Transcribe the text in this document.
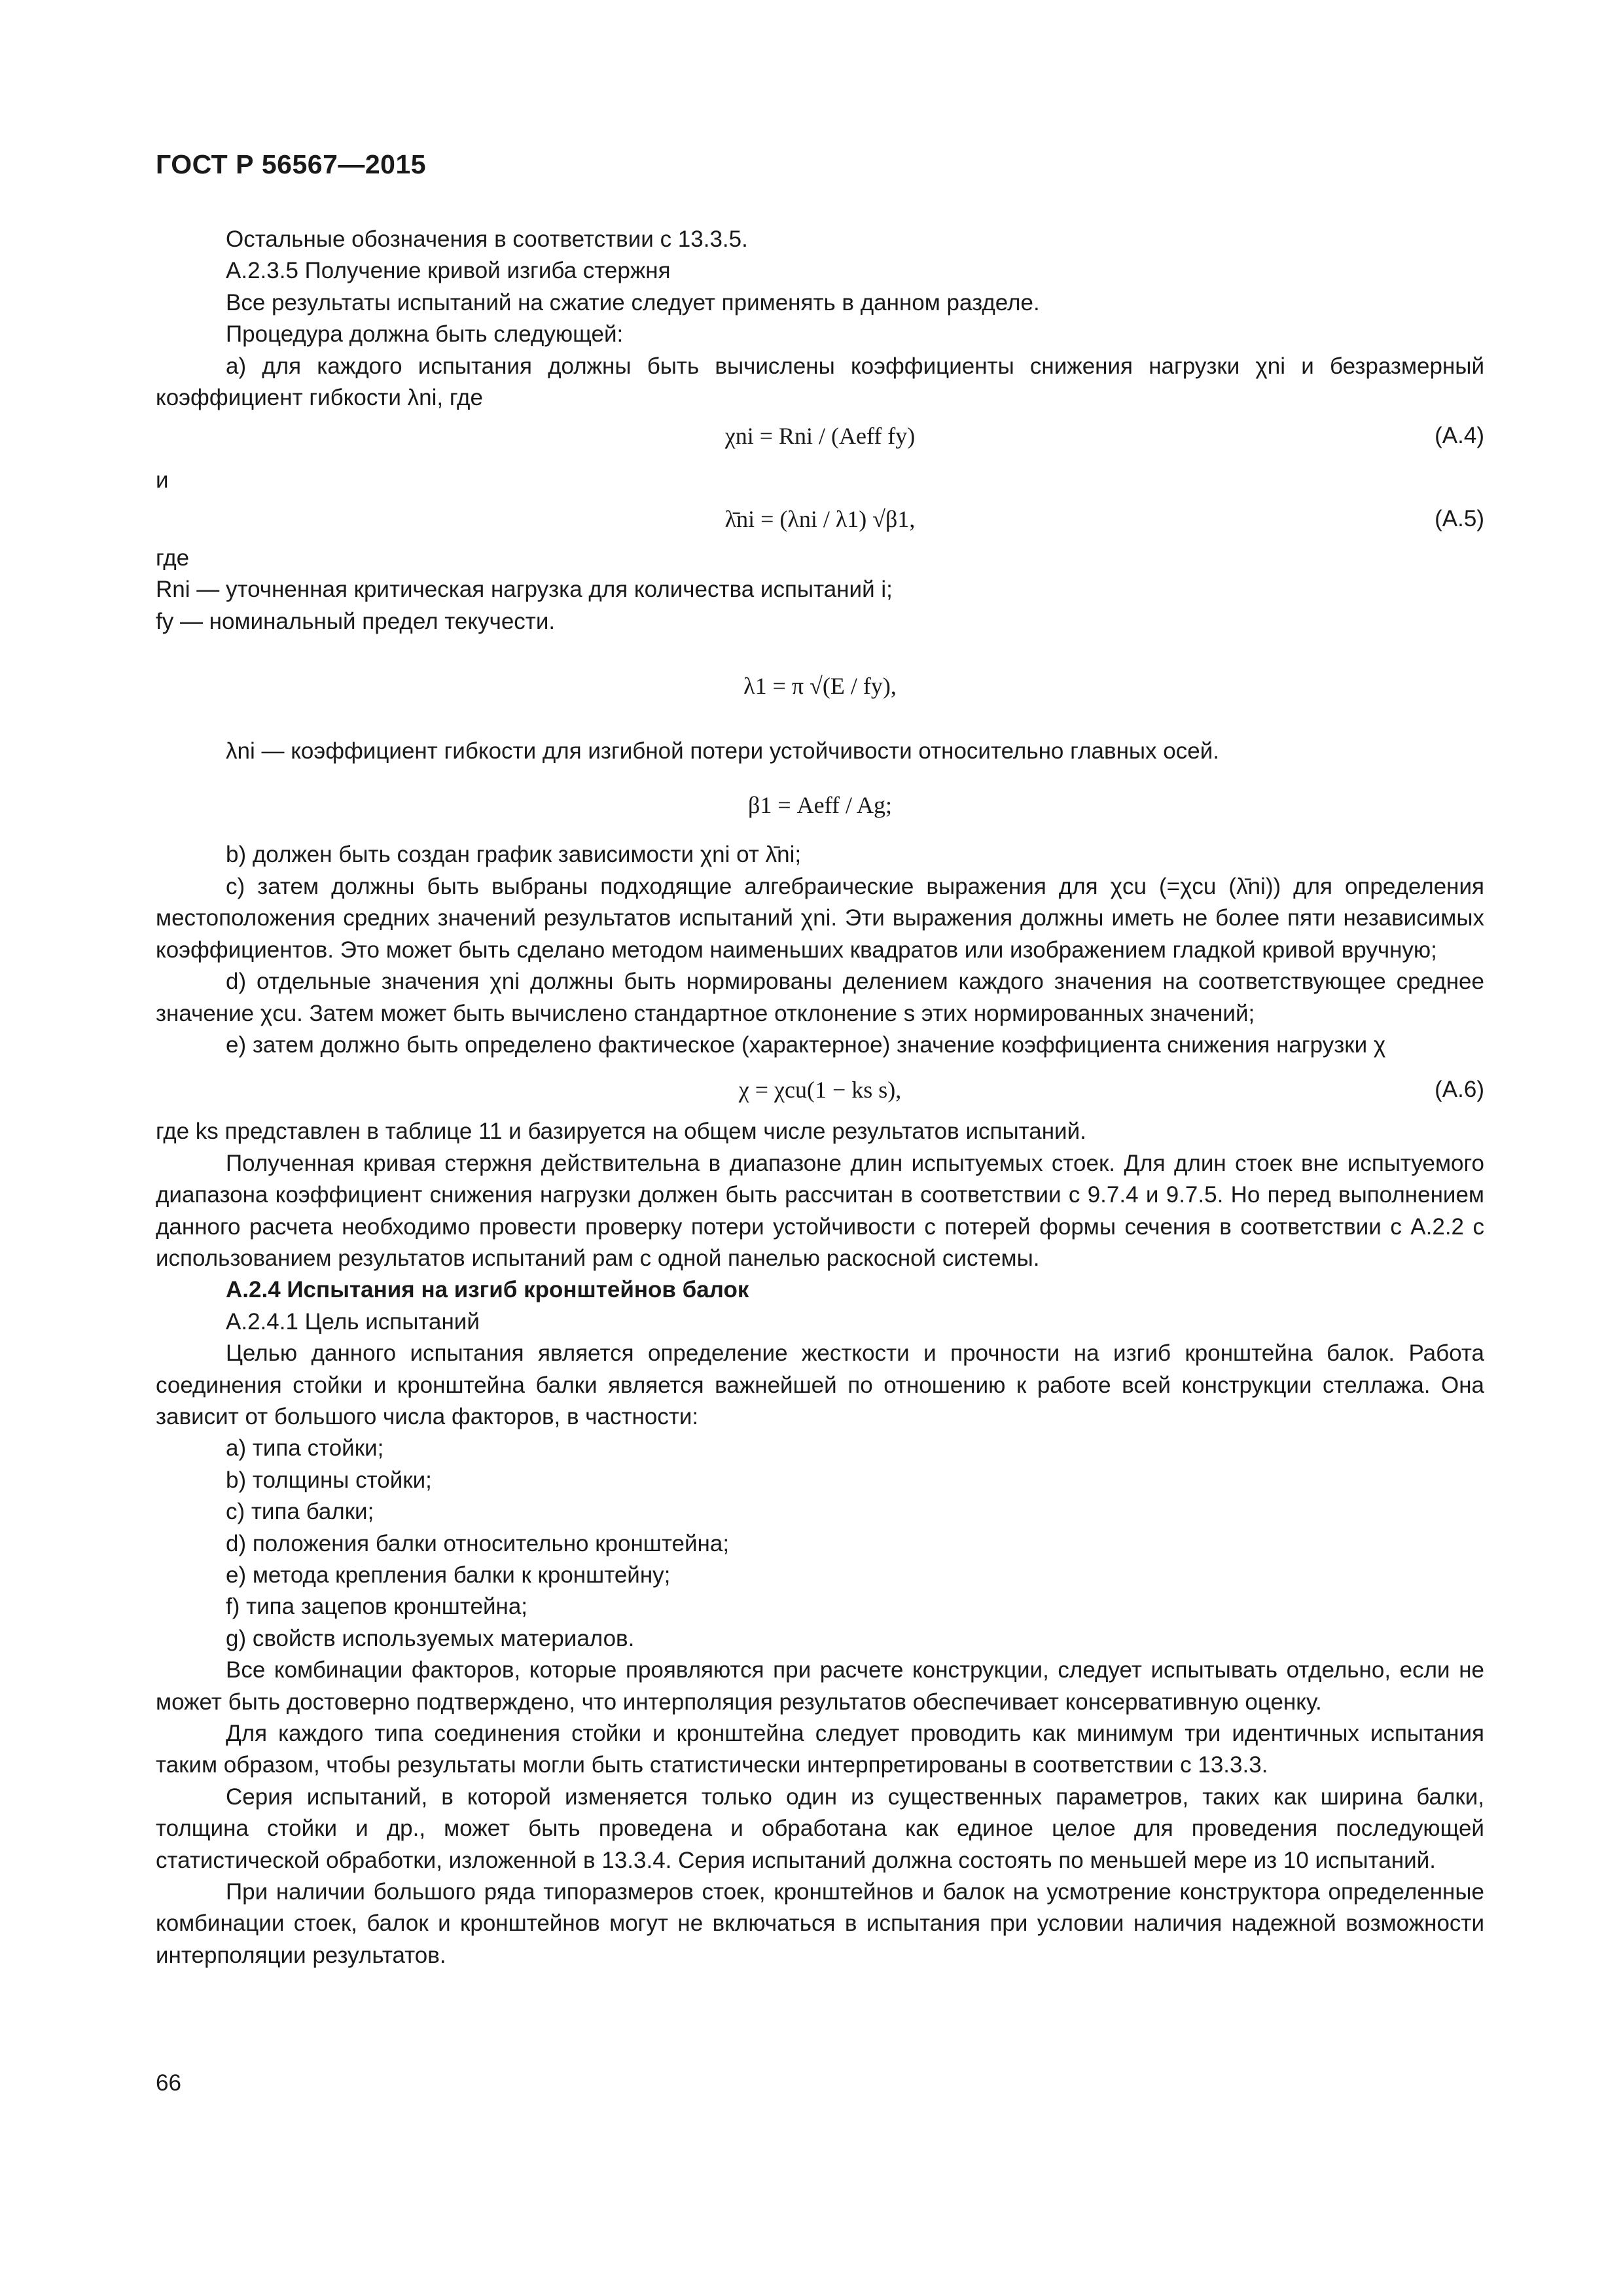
ГОСТ Р 56567—2015

Остальные обозначения в соответствии с 13.3.5.

А.2.3.5 Получение кривой изгиба стержня

Все результаты испытаний на сжатие следует применять в данном разделе.

Процедура должна быть следующей:

а) для каждого испытания должны быть вычислены коэффициенты снижения нагрузки χni и безразмерный коэффициент гибкости λni, где

χni = Rni / (Aeff fy)	(А.4)

и

λ̄ni = (λni / λ1) √β1,	(А.5)

где

Rni — уточненная критическая нагрузка для количества испытаний i;

fy — номинальный предел текучести.

λ1 = π √(E / fy),

λni — коэффициент гибкости для изгибной потери устойчивости относительно главных осей.

β1 = Aeff / Ag;

b) должен быть создан график зависимости χni от λ̄ni;

с) затем должны быть выбраны подходящие алгебраические выражения для χcu (=χcu (λ̄ni)) для определения местоположения средних значений результатов испытаний χni. Эти выражения должны иметь не более пяти независимых коэффициентов. Это может быть сделано методом наименьших квадратов или изображением гладкой кривой вручную;

d) отдельные значения χni должны быть нормированы делением каждого значения на соответствующее среднее значение χcu. Затем может быть вычислено стандартное отклонение s этих нормированных значений;

е) затем должно быть определено фактическое (характерное) значение коэффициента снижения нагрузки χ

χ = χcu(1 − ks s),	(А.6)

где ks представлен в таблице 11 и базируется на общем числе результатов испытаний.

Полученная кривая стержня действительна в диапазоне длин испытуемых стоек. Для длин стоек вне испытуемого диапазона коэффициент снижения нагрузки должен быть рассчитан в соответствии с 9.7.4 и 9.7.5. Но перед выполнением данного расчета необходимо провести проверку потери устойчивости с потерей формы сечения в соответствии с А.2.2 с использованием результатов испытаний рам с одной панелью раскосной системы.

А.2.4 Испытания на изгиб кронштейнов балок

А.2.4.1 Цель испытаний

Целью данного испытания является определение жесткости и прочности на изгиб кронштейна балок. Работа соединения стойки и кронштейна балки является важнейшей по отношению к работе всей конструкции стеллажа. Она зависит от большого числа факторов, в частности:

а) типа стойки;

b) толщины стойки;

с) типа балки;

d) положения балки относительно кронштейна;

е) метода крепления балки к кронштейну;

f) типа зацепов кронштейна;

g) свойств используемых материалов.

Все комбинации факторов, которые проявляются при расчете конструкции, следует испытывать отдельно, если не может быть достоверно подтверждено, что интерполяция результатов обеспечивает консервативную оценку.

Для каждого типа соединения стойки и кронштейна следует проводить как минимум три идентичных испытания таким образом, чтобы результаты могли быть статистически интерпретированы в соответствии с 13.3.3.

Серия испытаний, в которой изменяется только один из существенных параметров, таких как ширина балки, толщина стойки и др., может быть проведена и обработана как единое целое для проведения последующей статистической обработки, изложенной в 13.3.4. Серия испытаний должна состоять по меньшей мере из 10 испытаний.

При наличии большого ряда типоразмеров стоек, кронштейнов и балок на усмотрение конструктора определенные комбинации стоек, балок и кронштейнов могут не включаться в испытания при условии наличия надежной возможности интерполяции результатов.

66
